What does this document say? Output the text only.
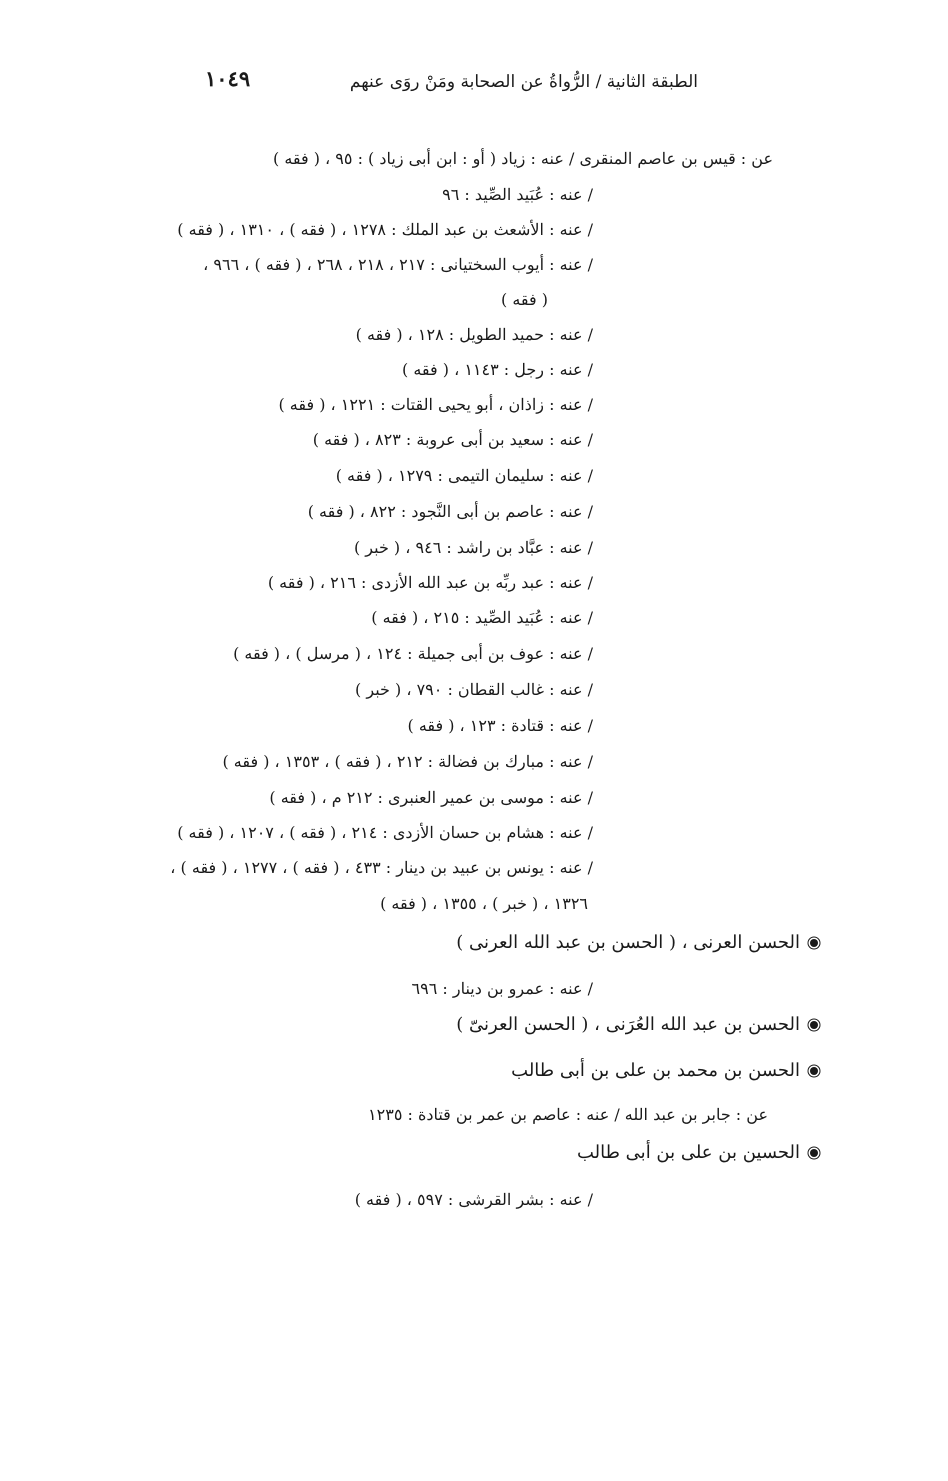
الطبقة الثانية / الرُّواةُ عن الصحابة ومَنْ روَى عنهم
١٠٤٩
عن : قيس بن عاصم المنقرى / عنه : زياد ( أو : ابن أبى زياد ) : ٩٥ ، ( فقه )
/ عنه : عُبَيد الصِّيد : ٩٦
/ عنه : الأشعث بن عبد الملك : ١٢٧٨ ، ( فقه ) ، ١٣١٠ ، ( فقه )
/ عنه : أيوب السختيانى : ٢١٧ ، ٢١٨ ، ٢٦٨ ، ( فقه ) ، ٩٦٦ ،
( فقه )
/ عنه : حميد الطويل : ١٢٨ ، ( فقه )
/ عنه : رجل : ١١٤٣ ، ( فقه )
/ عنه : زاذان ، أبو يحيى القتات : ١٢٢١ ، ( فقه )
/ عنه : سعيد بن أبى عروبة : ٨٢٣ ، ( فقه )
/ عنه : سليمان التيمى : ١٢٧٩ ، ( فقه )
/ عنه : عاصم بن أبى النَّجود : ٨٢٢ ، ( فقه )
/ عنه : عبَّاد بن راشد : ٩٤٦ ، ( خبر )
/ عنه : عبد ربِّه بن عبد الله الأزدى : ٢١٦ ، ( فقه )
/ عنه : عُبَيد الصِّيد : ٢١٥ ، ( فقه )
/ عنه : عوف بن أبى جميلة : ١٢٤ ، ( مرسل ) ، ( فقه )
/ عنه : غالب القطان : ٧٩٠ ، ( خبر )
/ عنه : قتادة : ١٢٣ ، ( فقه )
/ عنه : مبارك بن فضالة : ٢١٢ ، ( فقه ) ، ١٣٥٣ ، ( فقه )
/ عنه : موسى بن عمير العنبرى : ٢١٢ م ، ( فقه )
/ عنه : هشام بن حسان الأزدى : ٢١٤ ، ( فقه ) ، ١٢٠٧ ، ( فقه )
/ عنه : يونس بن عبيد بن دينار : ٤٣٣ ، ( فقه ) ، ١٢٧٧ ، ( فقه ) ،
١٣٢٦ ، ( خبر ) ، ١٣٥٥ ، ( فقه )
الحسن العرنى ، ( الحسن بن عبد الله العرنى )
/ عنه : عمرو بن دينار : ٦٩٦
الحسن بن عبد الله العُرَنى ، ( الحسن العرنىّ )
الحسن بن محمد بن على بن أبى طالب
عن : جابر بن عبد الله / عنه : عاصم بن عمر بن قتادة : ١٢٣٥
الحسين بن على بن أبى طالب
/ عنه : بشر القرشى : ٥٩٧ ، ( فقه )
